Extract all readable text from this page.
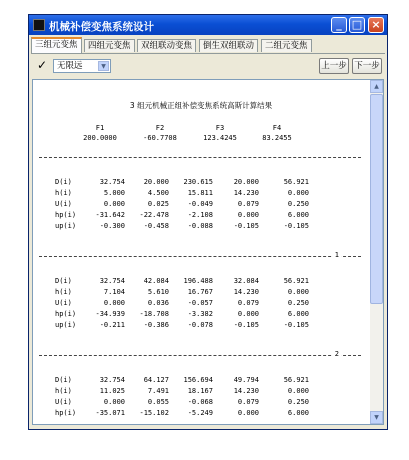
机械补偿变焦系统设计	_ □ ×
三组元变焦	四组元变焦	双组联动变焦	倒生双组联动	二组元变焦
✓	无限远	▼	上一步 下一步
3 组元机械正组补偿变焦系统高斯计算结果
F1	F2	F3	F4
200.0000	-60.7708	123.4245	83.2455
D(i)	32.754	20.000	230.615	20.000	56.921
h(i)	5.000	4.500	15.811	14.230	0.000
U(i)	0.000	0.025	-0.049	0.079	0.250
hp(i)	-31.642	-22.478	-2.108	0.000	6.000
up(i)	-0.300	-0.458	-0.088	-0.105	-0.105
1
D(i)	32.754	42.084	196.488	32.084	56.921
h(i)	7.104	5.610	16.767	14.230	0.000
U(i)	0.000	0.036	-0.057	0.079	0.250
hp(i)	-34.939	-18.708	-3.382	0.000	6.000
up(i)	-0.211	-0.386	-0.078	-0.105	-0.105
2
D(i)	32.754	64.127	156.694	49.794	56.921
h(i)	11.025	7.491	18.167	14.230	0.000
U(i)	0.000	0.055	-0.068	0.079	0.250
hp(i)	-35.071	-15.102	-5.249	0.000	6.000
▲
▼
